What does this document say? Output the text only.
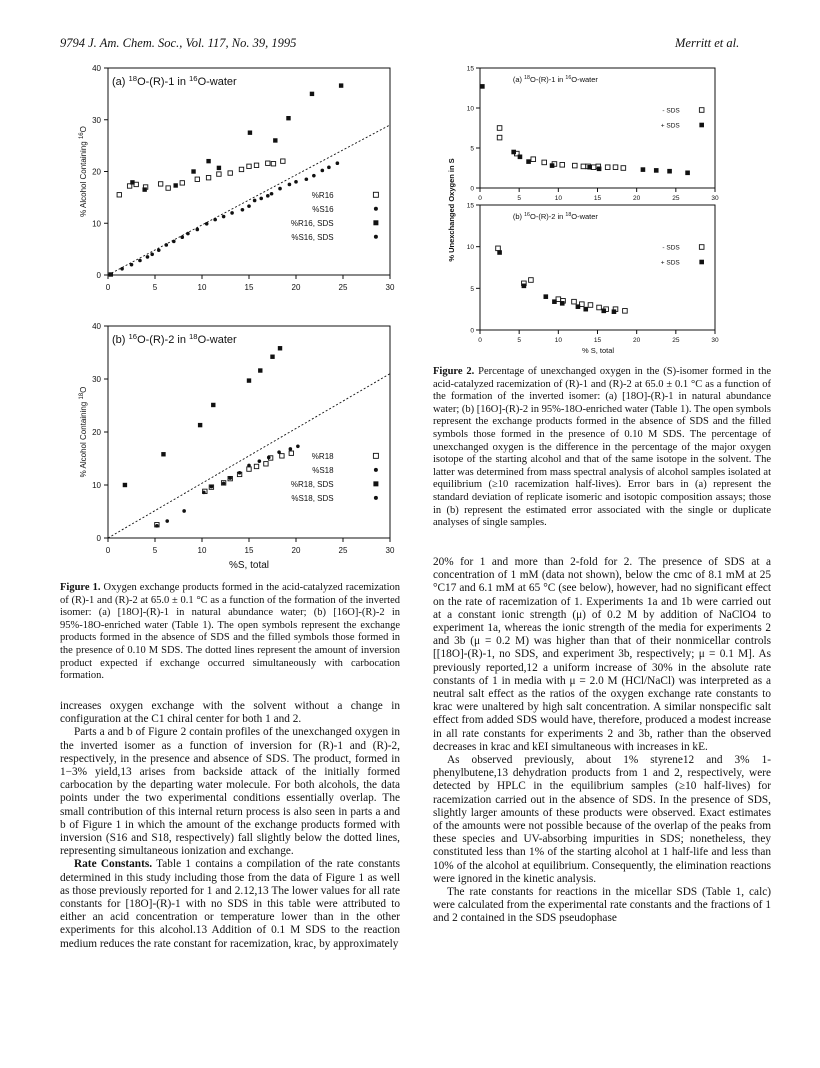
9794 J. Am. Chem. Soc., Vol. 117, No. 39, 1995	Merritt et al.
0	5	10	15	20	25	30
0
10
20
30
40
% Alcohol Containing $^{16}$O
(a) $^{18}$O-(R)-1 in $^{16}$O-water
%R16
%S16
%R16, SDS
%S16, SDS
0	5	10	15	20	25	30
0
10
20
30
40
% Alcohol Containing $^{18}$O
(b) $^{16}$O-(R)-2 in $^{18}$O-water
%R18
%S18
%R18, SDS
%S18, SDS
%S, total
Figure 1. Oxygen exchange products formed in the acid-catalyzed racemization of (R)-1 and (R)-2 at 65.0 ± 0.1 °C as a function of the formation of the inverted isomer: (a) [18O]-(R)-1 in natural abundance water; (b) [16O]-(R)-2 in 95%-18O-enriched water (Table 1). The open symbols represent the exchange products formed in the absence of SDS and the filled symbols those formed in the presence of 0.10 M SDS. The dotted lines represent the amount of inversion product expected if exchange occurred simultaneously with carbocation formation.

increases oxygen exchange with the solvent without a change in configuration at the C1 chiral center for both 1 and 2.

Parts a and b of Figure 2 contain profiles of the unexchanged oxygen in the inverted isomer as a function of inversion for (R)-1 and (R)-2, respectively, in the presence and absence of SDS. The product, formed in 1−3% yield,13 arises from backside attack of the initially formed carbocation by the departing water molecule. For both alcohols, the data points under the two experimental conditions essentially overlap. The small contribution of this internal return process is also seen in parts a and b of Figure 1 in which the amount of the exchange products formed with inversion (S16 and S18, respectively) fall slightly below the dotted lines, representing simultaneous ionization and exchange.

Rate Constants. Table 1 contains a compilation of the rate constants determined in this study including those from the data of Figure 1 as well as those previously reported for 1 and 2.12,13 The lower values for all rate constants for [18O]-(R)-1 with no SDS in this table were attributed to either an acid concentration or temperature lower than in the other experiments for this alcohol.13 Addition of 0.1 M SDS to the reaction medium reduces the rate constant for racemization, krac, by approximately

0	5	10	15	20	25	30
0
5
10
15
(a) $^{18}$O-(R)-1 in $^{16}$O-water
- SDS
+ SDS
0	5	10	15	20	25	30
0
5
10
15
(b) $^{16}$O-(R)-2 in $^{18}$O-water
- SDS
+ SDS
% Unexchanged Oxygen in S
% S, total
Figure 2. Percentage of unexchanged oxygen in the (S)-isomer formed in the acid-catalyzed racemization of (R)-1 and (R)-2 at 65.0 ± 0.1 °C as a function of the formation of the inverted isomer: (a) [18O]-(R)-1 in natural abundance water; (b) [16O]-(R)-2 in 95%-18O-enriched water (Table 1). The open symbols represent the exchange products formed in the absence of SDS and the filled symbols those formed in the presence of 0.10 M SDS. The percentage of unexchanged oxygen is the difference in the percentage of the major oxygen isotope of the starting alcohol and that of the same isotope in the solvent. The latter was determined from mass spectral analysis of alcohol samples isolated at equilibrium (≥10 racemization half-lives). Error bars in (a) represent the standard deviation of replicate isomeric and isotopic composition assays; those in (b) represent the estimated error associated with the single or duplicate analyses of single samples.

20% for 1 and more than 2-fold for 2. The presence of SDS at a concentration of 1 mM (data not shown), below the cmc of 8.1 mM at 25 °C17 and 6.1 mM at 65 °C (see below), however, had no significant effect on the rate of racemization of 1. Experiments 1a and 1b were carried out at a constant ionic strength (μ) of 0.2 M by addition of NaClO4 to experiment 1a, whereas the ionic strength of the media for experiments 2 and 3b (μ = 0.2 M) was higher than that of their nonmicellar controls [[18O]-(R)-1, no SDS, and experiment 3b, respectively; μ = 0.1 M]. As previously reported,12 a uniform increase of 30% in the absolute rate constants of 1 in media with μ = 2.0 M (HCl/NaCl) was interpreted as a neutral salt effect as the ratios of the oxygen exchange rate constants to krac were unaltered by high salt concentration. A similar nonspecific salt effect from added SDS would have, therefore, produced a modest increase in all rate constants for experiments 2 and 3b, rather than the observed decreases in krac and kEI simultaneous with increases in kE.

As observed previously, about 1% styrene12 and 3% 1-phenylbutene,13 dehydration products from 1 and 2, respectively, were detected by HPLC in the equilibrium samples (≥10 half-lives) for racemization carried out in the absence of SDS. In the presence of SDS, slightly larger amounts of these products were observed. Exact estimates of the amounts were not possible because of the overlap of the peaks from these species and UV-absorbing impurities in SDS; nonetheless, they constituted less than 1% of the starting alcohol at 1 half-life and less than 10% of the alcohol at equilibrium. Consequently, the elimination reactions were ignored in the kinetic analysis.

The rate constants for reactions in the micellar SDS (Table 1, calc) were calculated from the experimental rate constants and the fractions of 1 and 2 contained in the SDS pseudophase
